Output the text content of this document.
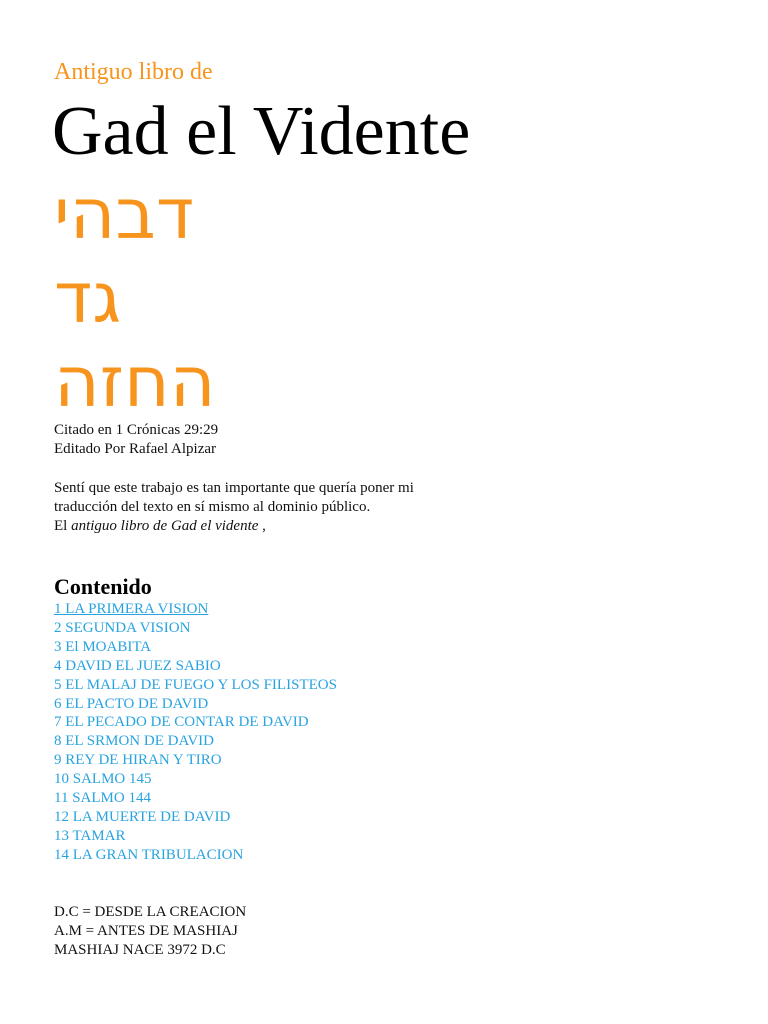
Antiguo libro de

Gad el Vidente
דבהי
גד
החזה

Citado en 1 Crónicas 29:29

Editado Por Rafael Alpizar

Sentí que este trabajo es tan importante que quería poner mi

traducción del texto en sí mismo al dominio público.

El antiguo libro de Gad el vidente ,

Contenido
1 LA PRIMERA VISION
2 SEGUNDA VISION
3 El MOABITA
4 DAVID EL JUEZ SABIO
5 EL MALAJ DE FUEGO Y LOS FILISTEOS
6 EL PACTO DE DAVID
7 EL PECADO DE CONTAR DE DAVID
8 EL SRMON DE DAVID
9 REY DE HIRAN Y TIRO
10 SALMO 145
11 SALMO 144
12 LA MUERTE DE DAVID
13 TAMAR
14 LA GRAN TRIBULACION

D.C = DESDE LA CREACION

A.M = ANTES DE MASHIAJ

MASHIAJ NACE 3972 D.C
